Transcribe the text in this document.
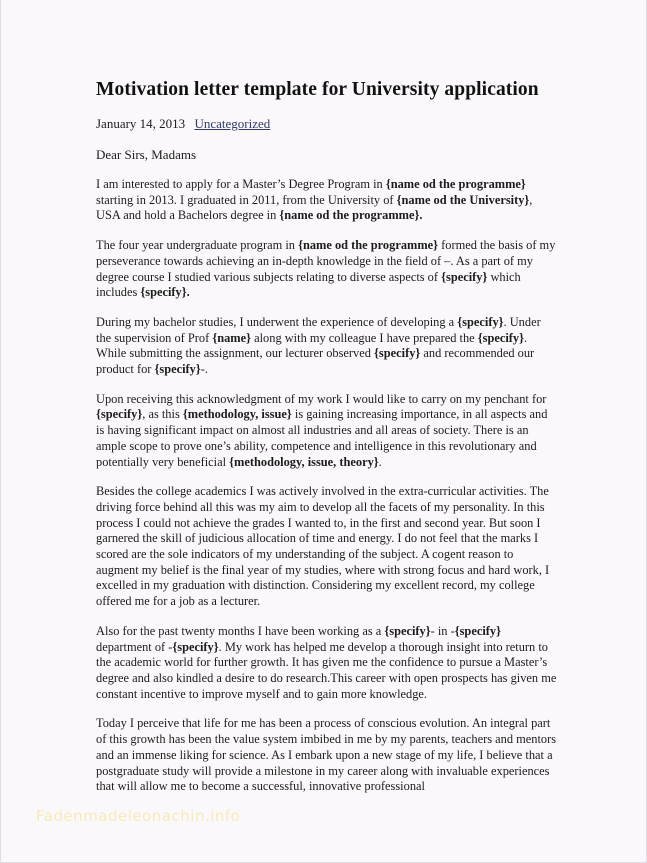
Motivation letter template for University application
January 14, 2013 Uncategorized
Dear Sirs, Madams

I am interested to apply for a Master’s Degree Program in {name od the programme} starting in 2013. I graduated in 2011, from the University of {name od the University}, USA and hold a Bachelors degree in {name od the programme}.

The four year undergraduate program in {name od the programme} formed the basis of my perseverance towards achieving an in-depth knowledge in the field of –. As a part of my degree course I studied various subjects relating to diverse aspects of {specify} which includes {specify}.

During my bachelor studies, I underwent the experience of developing a {specify}. Under the supervision of Prof {name} along with my colleague I have prepared the {specify}. While submitting the assignment, our lecturer observed {specify} and recommended our product for {specify}-.

Upon receiving this acknowledgment of my work I would like to carry on my penchant for {specify}, as this {methodology, issue} is gaining increasing importance, in all aspects and is having significant impact on almost all industries and all areas of society. There is an ample scope to prove one’s ability, competence and intelligence in this revolutionary and potentially very beneficial {methodology, issue, theory}.

Besides the college academics I was actively involved in the extra-curricular activities. The driving force behind all this was my aim to develop all the facets of my personality. In this process I could not achieve the grades I wanted to, in the first and second year. But soon I garnered the skill of judicious allocation of time and energy. I do not feel that the marks I scored are the sole indicators of my understanding of the subject. A cogent reason to augment my belief is the final year of my studies, where with strong focus and hard work, I excelled in my graduation with distinction. Considering my excellent record, my college offered me for a job as a lecturer.

Also for the past twenty months I have been working as a {specify}- in -{specify} department of -{specify}. My work has helped me develop a thorough insight into return to the academic world for further growth. It has given me the confidence to pursue a Master’s degree and also kindled a desire to do research.This career with open prospects has given me constant incentive to improve myself and to gain more knowledge.

Today I perceive that life for me has been a process of conscious evolution. An integral part of this growth has been the value system imbibed in me by my parents, teachers and mentors and an immense liking for science. As I embark upon a new stage of my life, I believe that a postgraduate study will provide a milestone in my career along with invaluable experiences that will allow me to become a successful, innovative professional

Fadenmadeleonachin.info
